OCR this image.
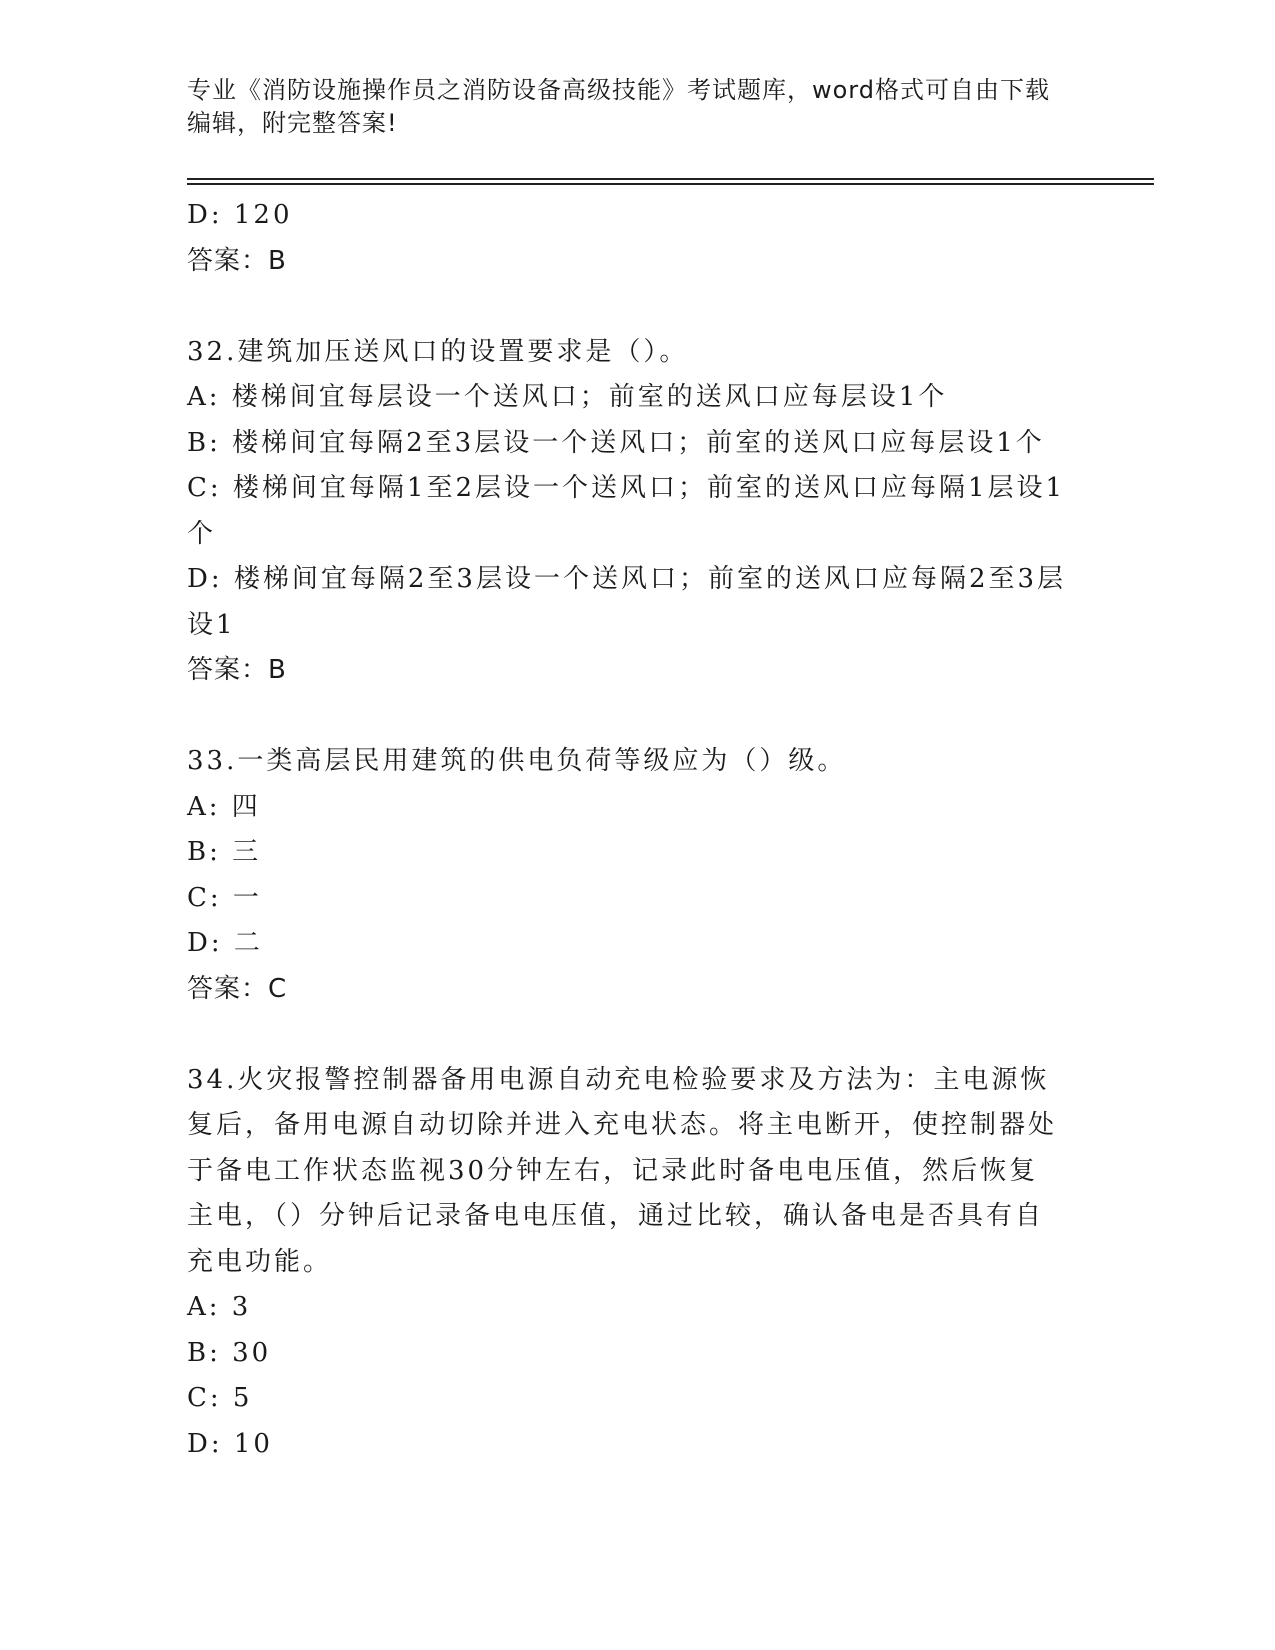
专业《消防设施操作员之消防设备高级技能》考试题库，word格式可自由下载编辑，附完整答案!
D: 120
答案：B
32.建筑加压送风口的设置要求是（）。
A: 楼梯间宜每层设一个送风口；前室的送风口应每层设1个
B: 楼梯间宜每隔2至3层设一个送风口；前室的送风口应每层设1个
C: 楼梯间宜每隔1至2层设一个送风口；前室的送风口应每隔1层设1个
D: 楼梯间宜每隔2至3层设一个送风口；前室的送风口应每隔2至3层设1
答案：B
33.一类高层民用建筑的供电负荷等级应为（）级。
A: 四
B: 三
C: 一
D: 二
答案：C
34.火灾报警控制器备用电源自动充电检验要求及方法为：主电源恢复后，备用电源自动切除并进入充电状态。将主电断开，使控制器处于备电工作状态监视30分钟左右，记录此时备电电压值，然后恢复主电，（）分钟后记录备电电压值，通过比较，确认备电是否具有自充电功能。
A: 3
B: 30
C: 5
D: 10
